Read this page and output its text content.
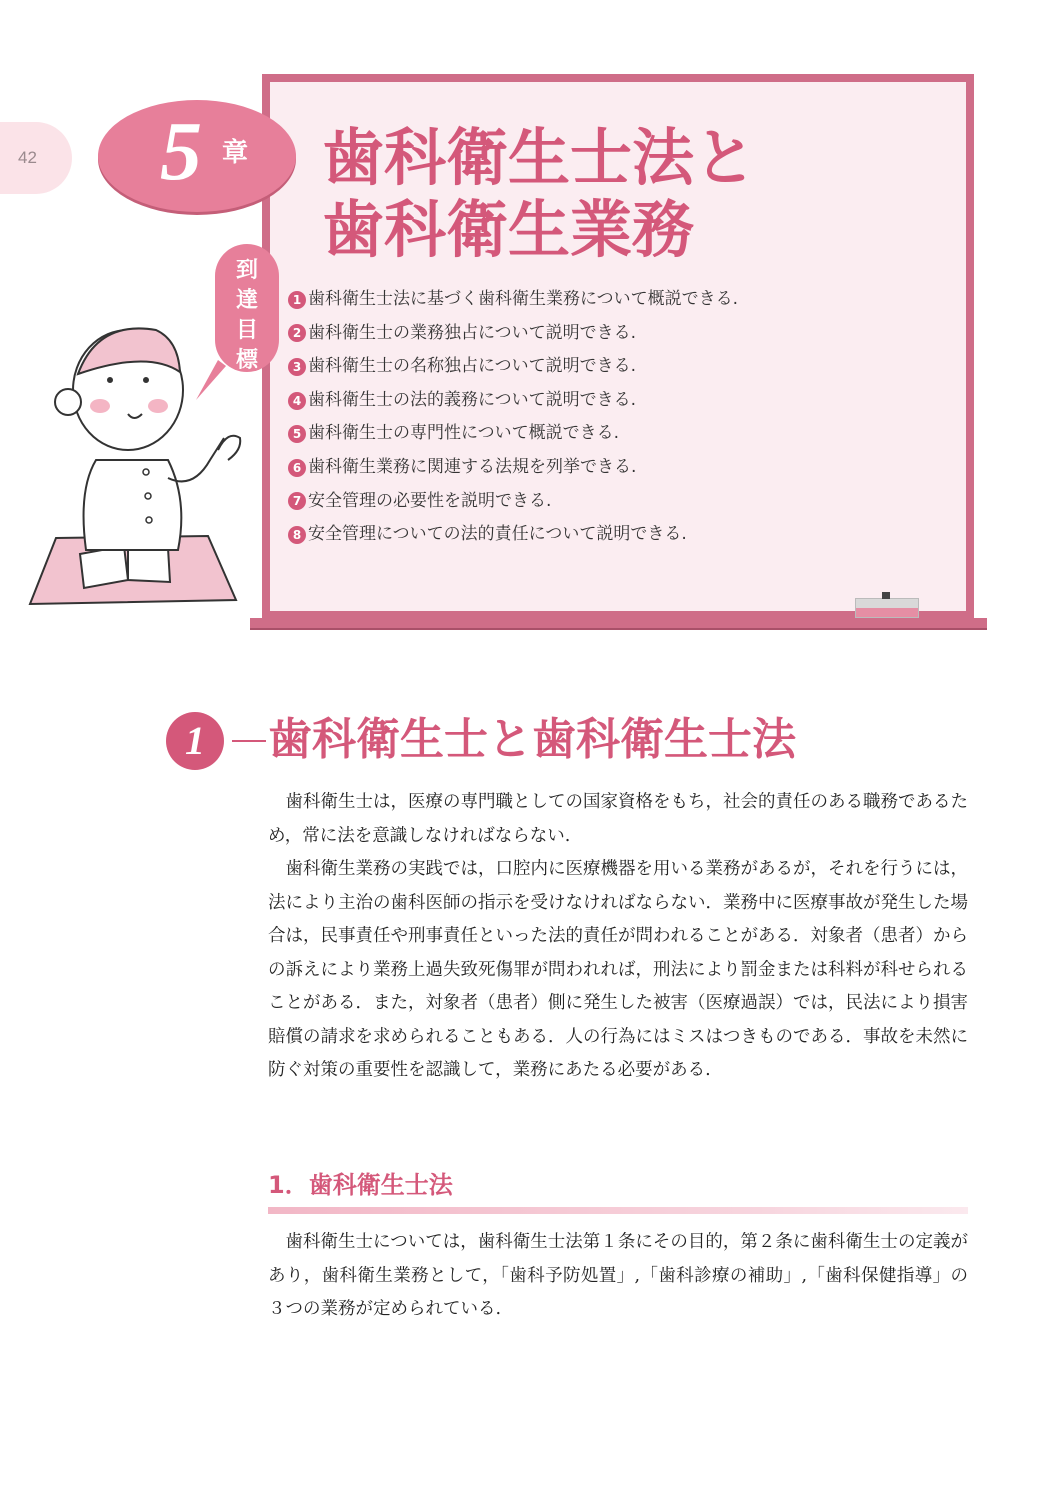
42 5 章 歯科衛生士法と
歯科衛生業務
到
達
目
標
1 歯科衛生士法に基づく歯科衛生業務について概説できる.
2 歯科衛生士の業務独占について説明できる.
3 歯科衛生士の名称独占について説明できる.
4 歯科衛生士の法的義務について説明できる.
5 歯科衛生士の専門性について概説できる.
6 歯科衛生業務に関連する法規を列挙できる.
7 安全管理の必要性を説明できる.
8 安全管理についての法的責任について説明できる.
1	歯科衛生士と歯科衛生士法

歯科衛生士は，医療の専門職としての国家資格をもち，社会的責任のある職務であるため，常に法を意識しなければならない.

歯科衛生業務の実践では，口腔内に医療機器を用いる業務があるが，それを行うには，法により主治の歯科医師の指示を受けなければならない．業務中に医療事故が発生した場合は，民事責任や刑事責任といった法的責任が問われることがある．対象者（患者）からの訴えにより業務上過失致死傷罪が問われれば，刑法により罰金または科料が科せられることがある．また，対象者（患者）側に発生した被害（医療過誤）では，民法により損害賠償の請求を求められることもある．人の行為にはミスはつきものである．事故を未然に防ぐ対策の重要性を認識して，業務にあたる必要がある.

1．歯科衛生士法

歯科衛生士については，歯科衛生士法第１条にその目的，第２条に歯科衛生士の定義があり，歯科衛生業務として，「歯科予防処置」,「歯科診療の補助」,「歯科保健指導」の３つの業務が定められている.
